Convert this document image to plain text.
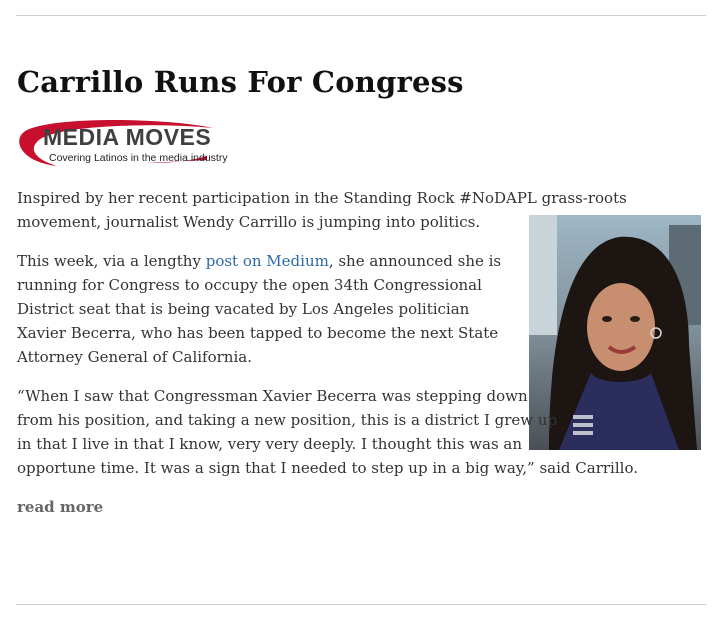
Carrillo Runs For Congress
MEDIA MOVES
Covering Latinos in the media industry

Inspired by her recent participation in the Standing Rock #NoDAPL grass-roots movement, journalist Wendy Carrillo is jumping into politics.

This week, via a lengthy post on Medium, she announced she is running for Congress to occupy the open 34th Congressional District seat that is being vacated by Los Angeles politician Xavier Becerra, who has been tapped to become the next State Attorney General of California.

“When I saw that Congressman Xavier Becerra was stepping down
from his position, and taking a new position, this is a district I grew up
in that I live in that I know, very very deeply. I thought this was an
opportune time. It was a sign that I needed to step up in a big way,” said Carrillo.

read more
